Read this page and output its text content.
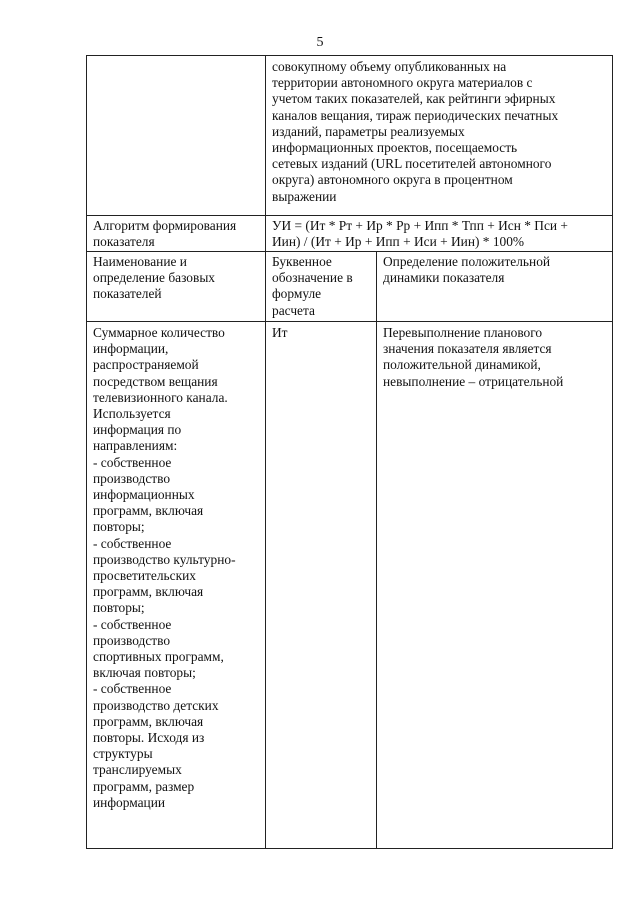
5
совокупному объему опубликованных на
территории автономного округа материалов с
учетом таких показателей, как рейтинги эфирных
каналов вещания, тираж периодических печатных
изданий, параметры реализуемых
информационных проектов, посещаемость
сетевых изданий (URL посетителей автономного
округа) автономного округа в процентном
выражении
Алгоритм формирования
показателя
УИ = (Ит * Рт + Ир * Рр + Ипп * Тпп + Исн * Пси +
Иин) / (Ит + Ир + Ипп + Иси + Иин) * 100%
Наименование и
определение базовых
показателей
Буквенное
обозначение в
формуле
расчета
Определение положительной
динамики показателя
Суммарное количество
информации,
распространяемой
посредством вещания
телевизионного канала.
Используется
информация по
направлениям:
- собственное
производство
информационных
программ, включая
повторы;
- собственное
производство культурно-
просветительских
программ, включая
повторы;
- собственное
производство
спортивных программ,
включая повторы;
- собственное
производство детских
программ, включая
повторы. Исходя из
структуры
транслируемых
программ, размер
информации
Ит	Перевыполнение планового
значения показателя является
положительной динамикой,
невыполнение – отрицательной
